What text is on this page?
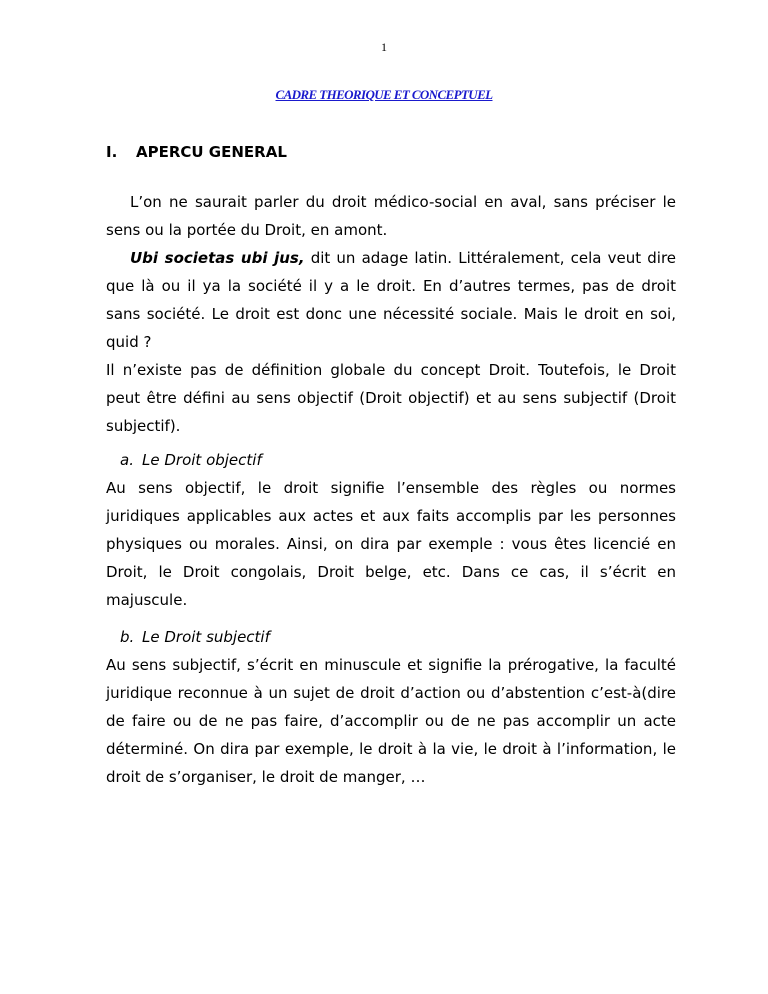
1
CADRE THEORIQUE ET CONCEPTUEL
I. APERCU GENERAL

L’on ne saurait parler du droit médico-social en aval, sans préciser le sens ou la portée du Droit, en amont.

Ubi societas ubi jus, dit un adage latin. Littéralement, cela veut dire que là ou il ya la société il y a le droit. En d’autres termes, pas de droit sans société. Le droit est donc une nécessité sociale. Mais le droit en soi, quid ?

Il n’existe pas de définition globale du concept Droit. Toutefois, le Droit peut être défini au sens objectif (Droit objectif) et au sens subjectif (Droit subjectif).

a. Le Droit objectif

Au sens objectif, le droit signifie l’ensemble des règles ou normes juridiques applicables aux actes et aux faits accomplis par les personnes physiques ou morales. Ainsi, on dira par exemple : vous êtes licencié en Droit, le Droit congolais, Droit belge, etc. Dans ce cas, il s’écrit en majuscule.

b. Le Droit subjectif

Au sens subjectif, s’écrit en minuscule et signifie la prérogative, la faculté juridique reconnue à un sujet de droit d’action ou d’abstention c’est-à(dire de faire ou de ne pas faire, d’accomplir ou de ne pas accomplir un acte déterminé. On dira par exemple, le droit à la vie, le droit à l’information, le droit de s’organiser, le droit de manger, …
